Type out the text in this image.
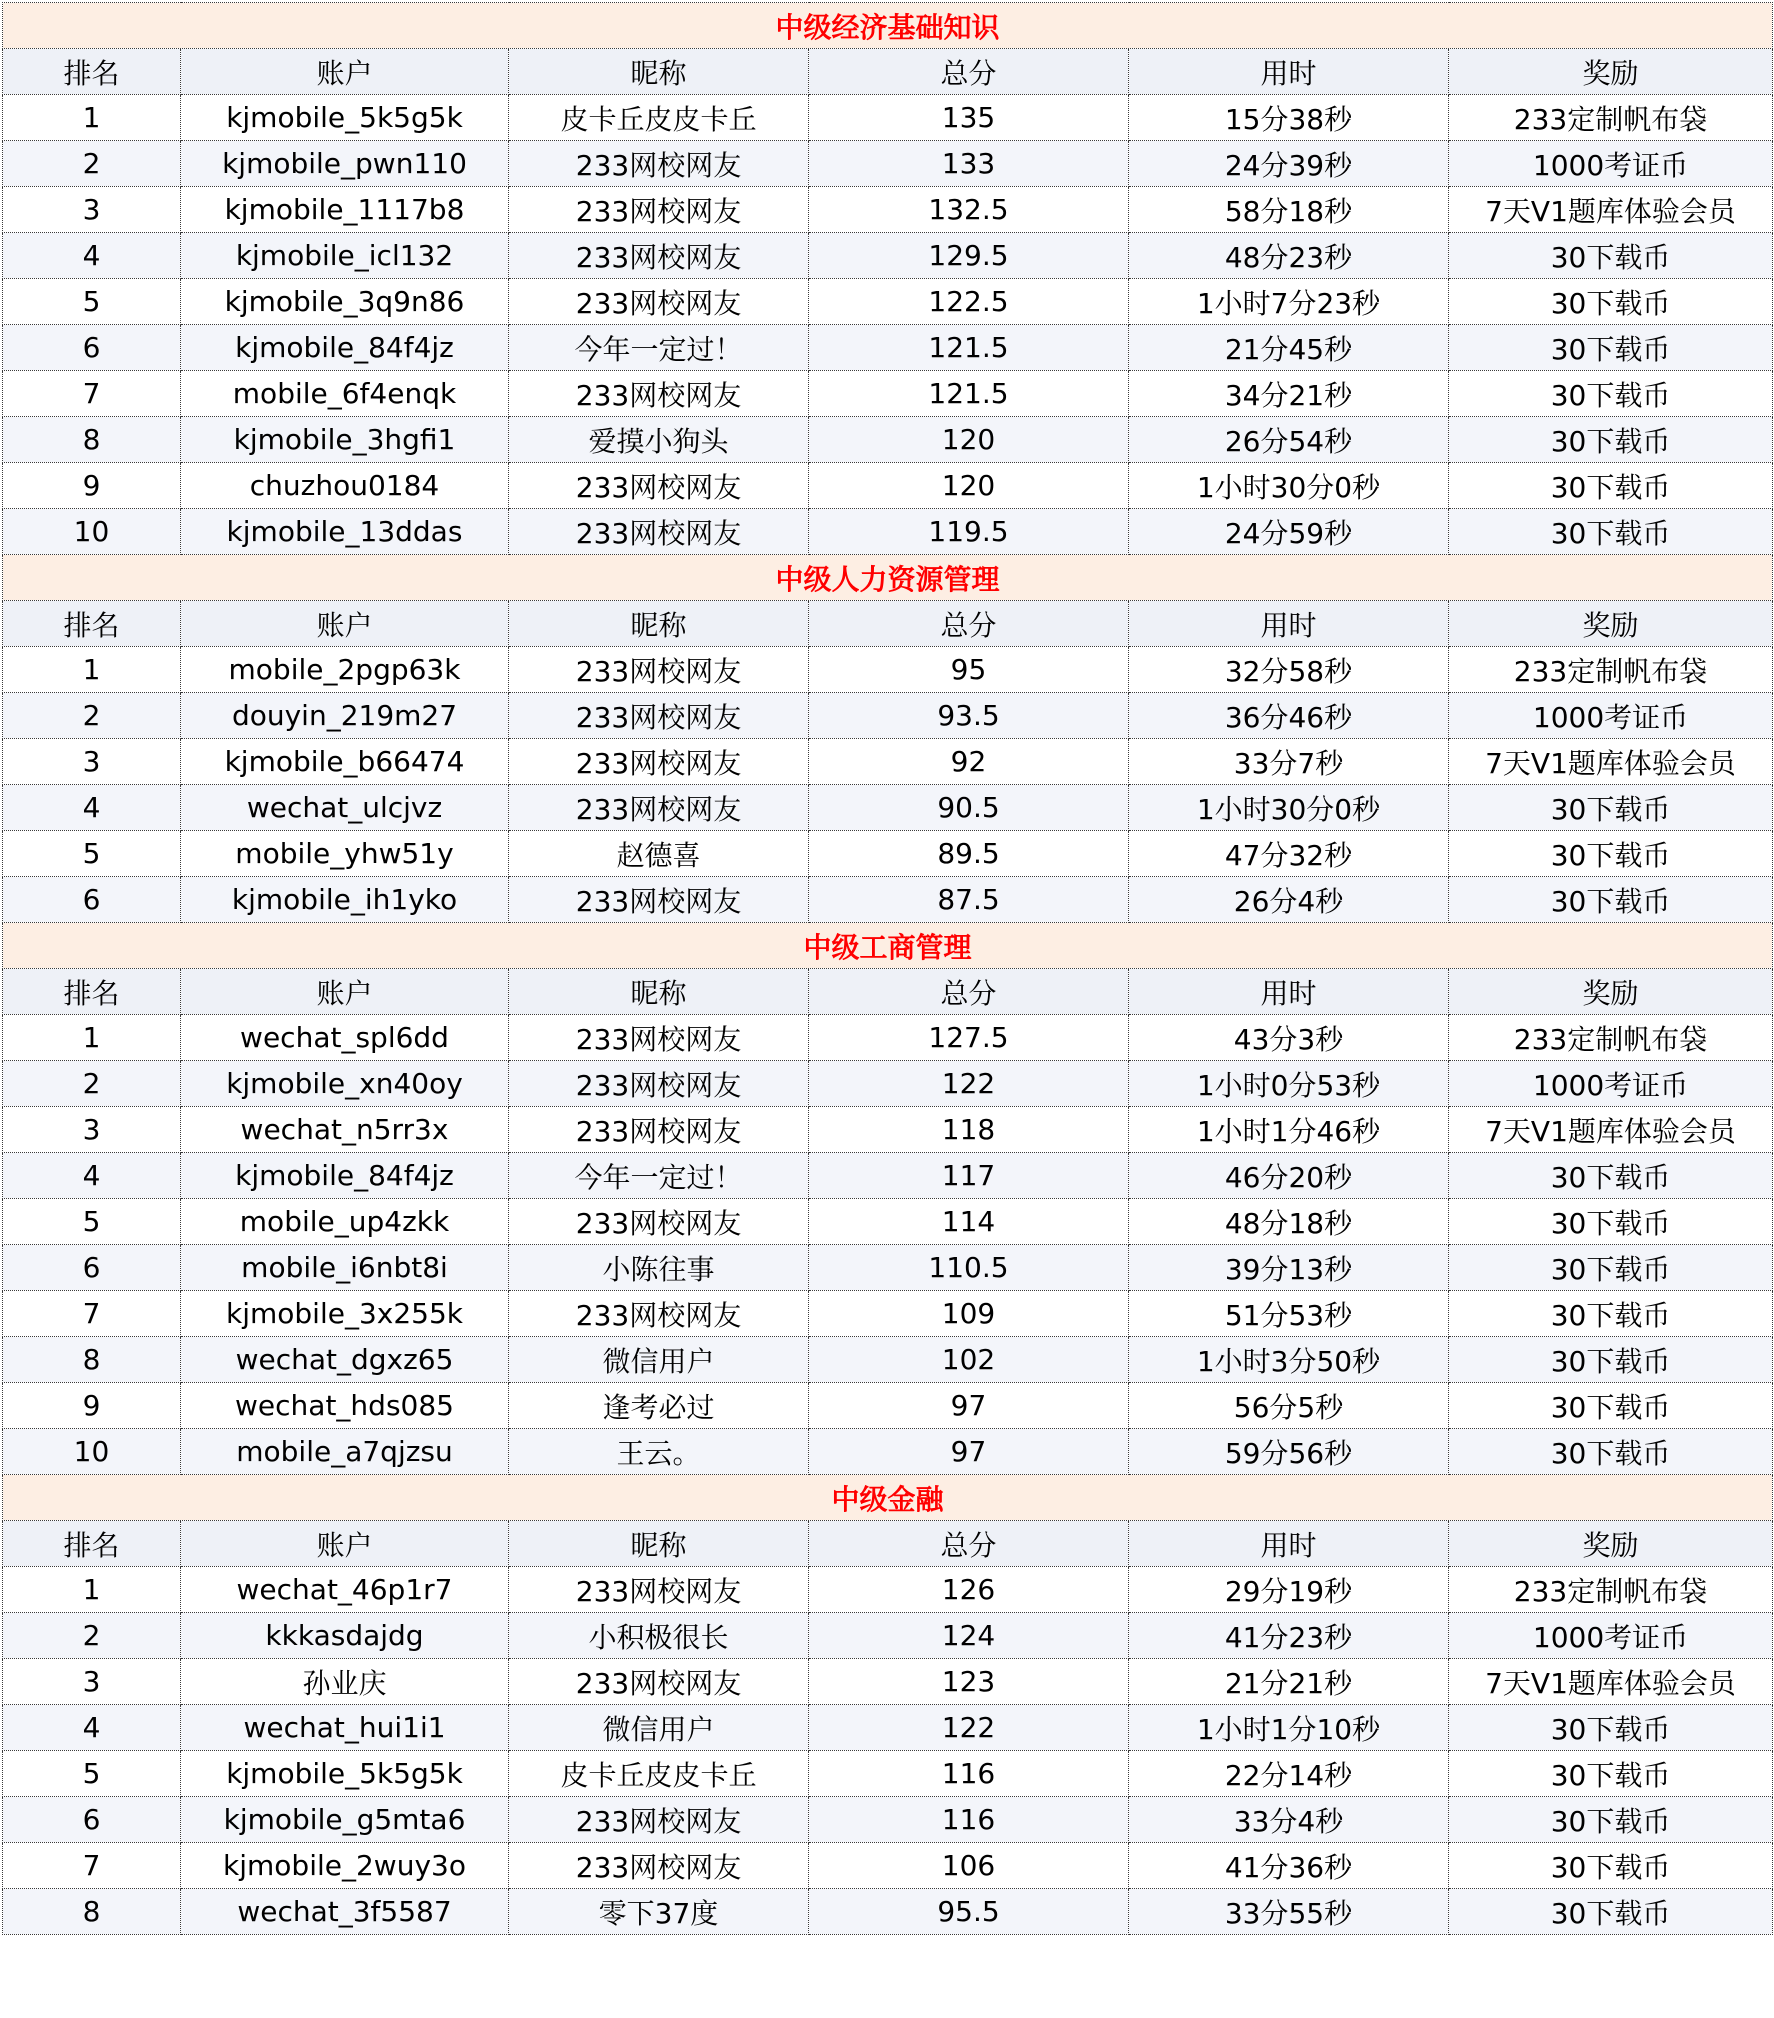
中级经济基础知识					
排名	账户	昵称	总分	用时	奖励
1	kjmobile_5k5g5k	皮卡丘皮皮卡丘	135	15分38秒	233定制帆布袋
2	kjmobile_pwn110	233网校网友	133	24分39秒	1000考证币
3	kjmobile_1117b8	233网校网友	132.5	58分18秒	7天V1题库体验会员
4	kjmobile_icl132	233网校网友	129.5	48分23秒	30下载币
5	kjmobile_3q9n86	233网校网友	122.5	1小时7分23秒	30下载币
6	kjmobile_84f4jz	今年一定过！	121.5	21分45秒	30下载币
7	mobile_6f4enqk	233网校网友	121.5	34分21秒	30下载币
8	kjmobile_3hgfi1	爱摸小狗头	120	26分54秒	30下载币
9	chuzhou0184	233网校网友	120	1小时30分0秒	30下载币
10	kjmobile_13ddas	233网校网友	119.5	24分59秒	30下载币
中级人力资源管理					
排名	账户	昵称	总分	用时	奖励
1	mobile_2pgp63k	233网校网友	95	32分58秒	233定制帆布袋
2	douyin_219m27	233网校网友	93.5	36分46秒	1000考证币
3	kjmobile_b66474	233网校网友	92	33分7秒	7天V1题库体验会员
4	wechat_ulcjvz	233网校网友	90.5	1小时30分0秒	30下载币
5	mobile_yhw51y	赵德喜	89.5	47分32秒	30下载币
6	kjmobile_ih1yko	233网校网友	87.5	26分4秒	30下载币
中级工商管理					
排名	账户	昵称	总分	用时	奖励
1	wechat_spl6dd	233网校网友	127.5	43分3秒	233定制帆布袋
2	kjmobile_xn40oy	233网校网友	122	1小时0分53秒	1000考证币
3	wechat_n5rr3x	233网校网友	118	1小时1分46秒	7天V1题库体验会员
4	kjmobile_84f4jz	今年一定过！	117	46分20秒	30下载币
5	mobile_up4zkk	233网校网友	114	48分18秒	30下载币
6	mobile_i6nbt8i	小陈往事	110.5	39分13秒	30下载币
7	kjmobile_3x255k	233网校网友	109	51分53秒	30下载币
8	wechat_dgxz65	微信用户	102	1小时3分50秒	30下载币
9	wechat_hds085	逢考必过	97	56分5秒	30下载币
10	mobile_a7qjzsu	王云。	97	59分56秒	30下载币
中级金融					
排名	账户	昵称	总分	用时	奖励
1	wechat_46p1r7	233网校网友	126	29分19秒	233定制帆布袋
2	kkkasdajdg	小积极很长	124	41分23秒	1000考证币
3	孙业庆	233网校网友	123	21分21秒	7天V1题库体验会员
4	wechat_hui1i1	微信用户	122	1小时1分10秒	30下载币
5	kjmobile_5k5g5k	皮卡丘皮皮卡丘	116	22分14秒	30下载币
6	kjmobile_g5mta6	233网校网友	116	33分4秒	30下载币
7	kjmobile_2wuy3o	233网校网友	106	41分36秒	30下载币
8	wechat_3f5587	零下37度	95.5	33分55秒	30下载币
